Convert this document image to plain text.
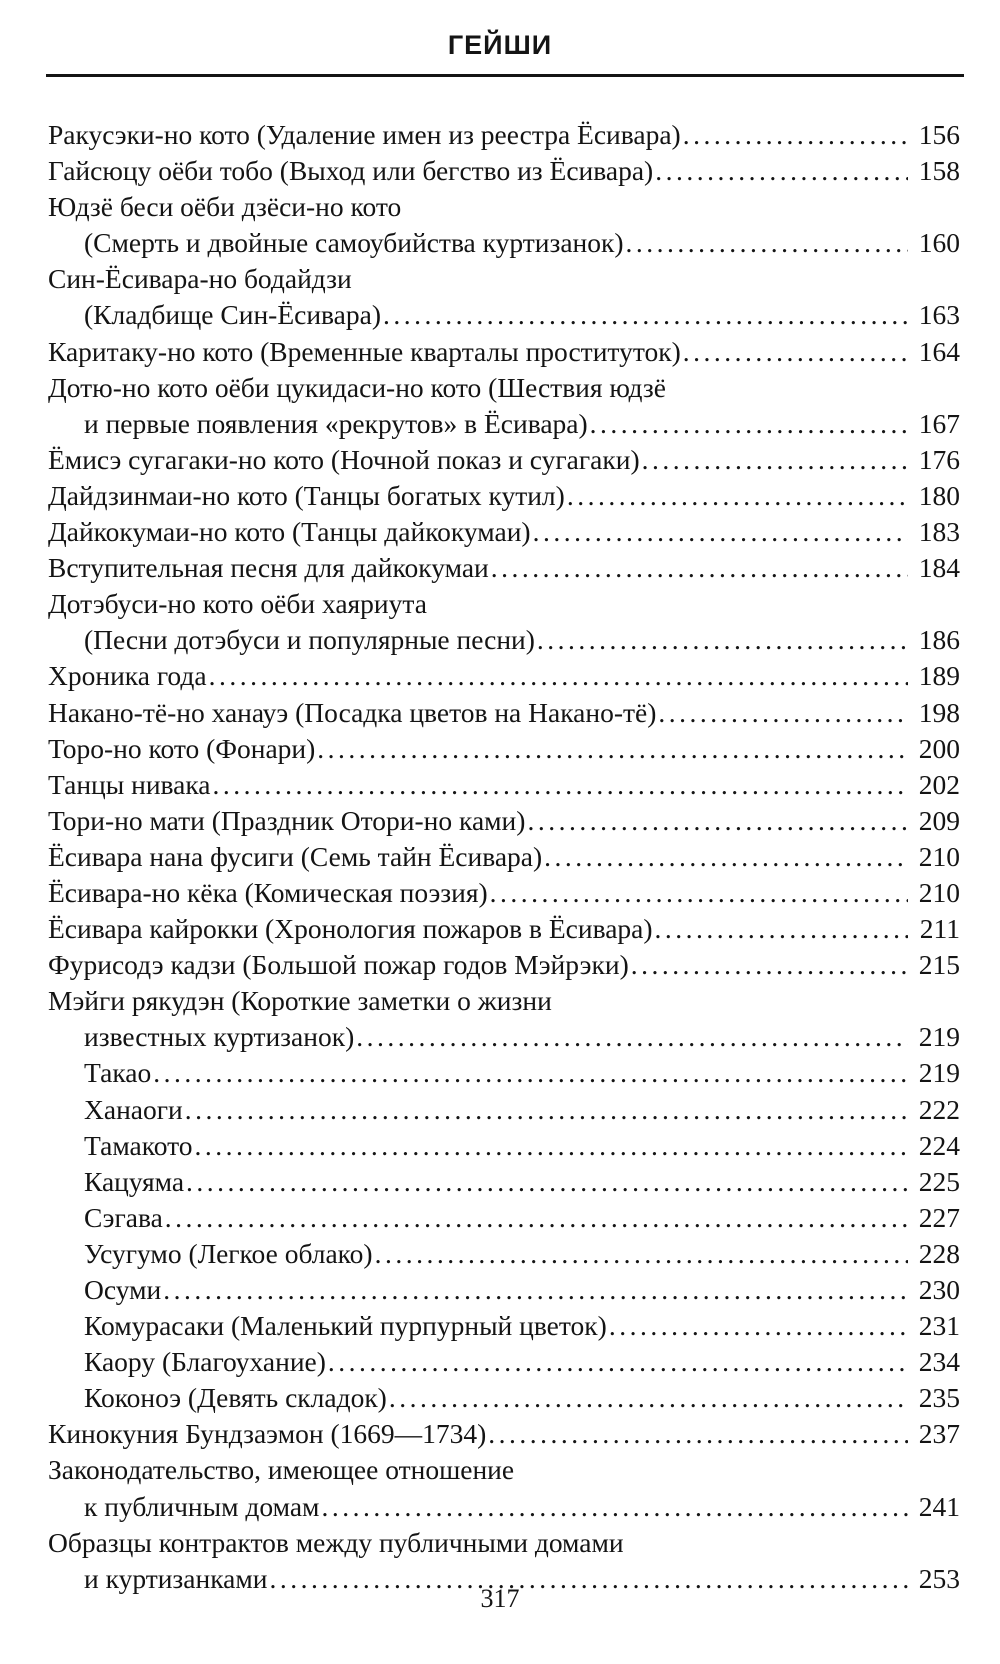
ГЕЙШИ
Ракусэки-но кото (Удаление имен из реестра Ёсивара) .....	156
Гайсюцу оёби тобо (Выход или бегство из Ёсивара) .....	158
Юдзё беси оёби дзёси-но кото
(Смерть и двойные самоубийства куртизанок) .....	160
Син-Ёсивара-но бодайдзи
(Кладбище Син-Ёсивара) .....	163
Каритаку-но кото (Временные кварталы проституток) .....	164
Дотю-но кото оёби цукидаси-но кото (Шествия юдзё
и первые появления «рекрутов» в Ёсивара) .....	167
Ёмисэ сугагаки-но кото (Ночной показ и сугагаки) .....	176
Дайдзинмаи-но кото (Танцы богатых кутил) .....	180
Дайкокумаи-но кото (Танцы дайкокумаи) .....	183
Вступительная песня для дайкокумаи .....	184
Дотэбуси-но кото оёби хаяриута
(Песни дотэбуси и популярные песни) .....	186
Хроника года .....	189
Накано-тё-но ханауэ (Посадка цветов на Накано-тё) .....	198
Торо-но кото (Фонари) .....	200
Танцы нивака .....	202
Тори-но мати (Праздник Отори-но ками) .....	209
Ёсивара нана фусиги (Семь тайн Ёсивара) .....	210
Ёсивара-но кёка (Комическая поэзия) .....	210
Ёсивара кайрокки (Хронология пожаров в Ёсивара) .....	211
Фурисодэ кадзи (Большой пожар годов Мэйрэки) .....	215
Мэйги рякудэн (Короткие заметки о жизни
известных куртизанок) .....	219
Такао .....	219
Ханаоги .....	222
Тамакото .....	224
Кацуяма .....	225
Сэгава .....	227
Усугумо (Легкое облако) .....	228
Осуми .....	230
Комурасаки (Маленький пурпурный цветок) .....	231
Каору (Благоухание) .....	234
Коконоэ (Девять складок) .....	235
Кинокуния Бундзаэмон (1669—1734) .....	237
Законодательство, имеющее отношение
к публичным домам .....	241
Образцы контрактов между публичными домами
и куртизанками .....	253
317
